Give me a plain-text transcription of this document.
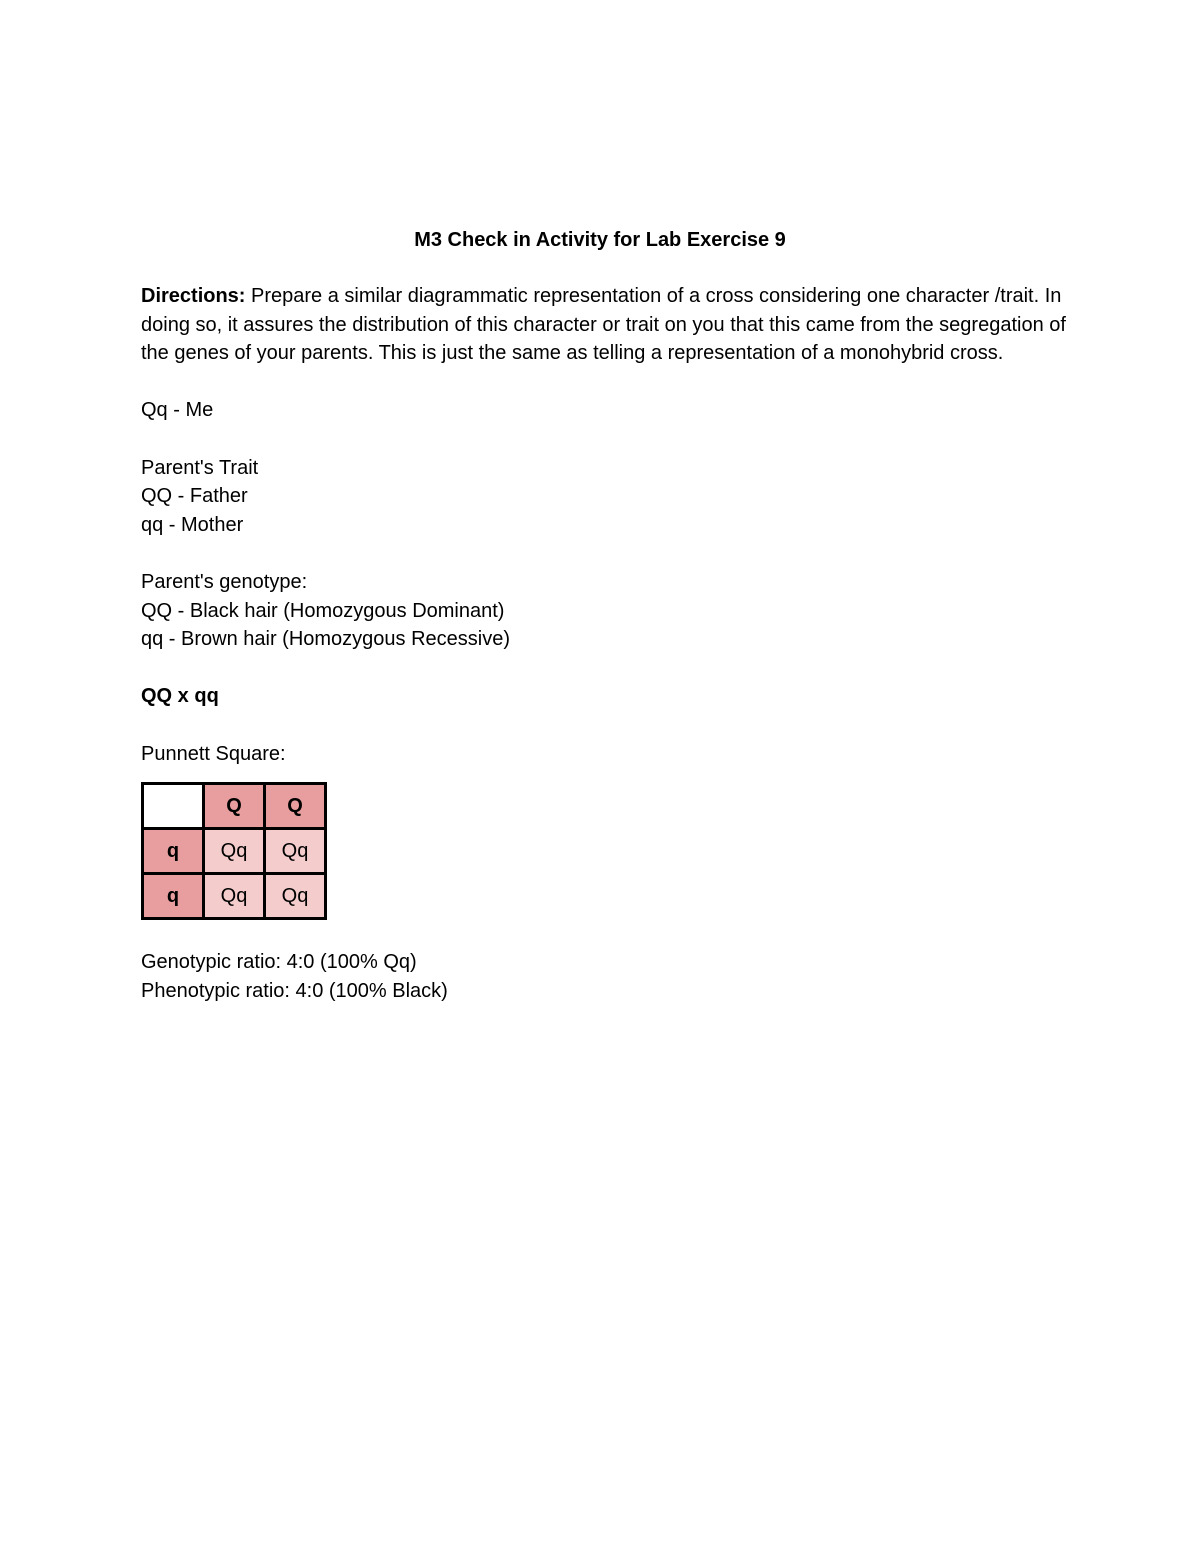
M3 Check in Activity for Lab Exercise 9

Directions: Prepare a similar diagrammatic representation of a cross considering one character /trait. In doing so, it assures the distribution of this character or trait on you that this came from the segregation of the genes of your parents. This is just the same as telling a representation of a monohybrid cross.

Qq - Me
Parent's Trait
QQ - Father
qq - Mother
Parent's genotype:
QQ - Black hair (Homozygous Dominant)
qq - Brown hair (Homozygous Recessive)
QQ x qq
Punnett Square:
	Q	Q
q	Qq	Qq
q	Qq	Qq
Genotypic ratio: 4:0 (100% Qq)
Phenotypic ratio: 4:0 (100% Black)
